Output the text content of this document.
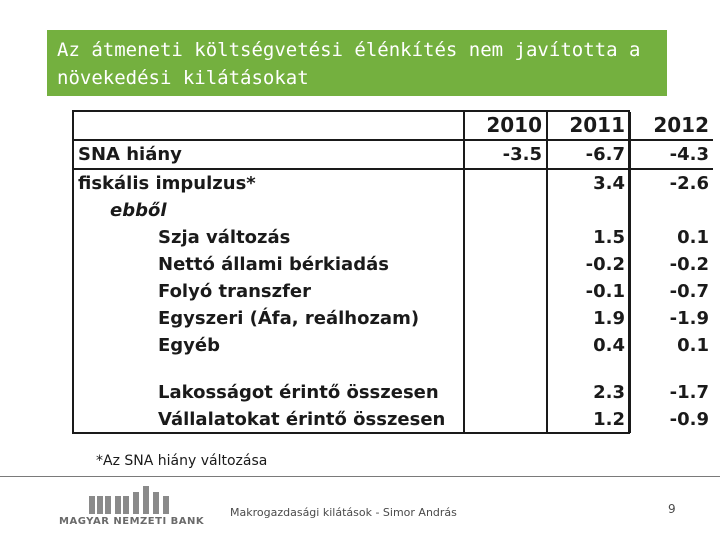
Az átmeneti költségvetési élénkítés nem javította a
növekedési kilátásokat
	2010	2011	2012
SNA hiány	-3.5	-6.7	-4.3
fiskális impulzus*		3.4	-2.6
ebből			
Szja változás		1.5	0.1
Nettó állami bérkiadás		-0.2	-0.2
Folyó transzfer		-0.1	-0.7
Egyszeri (Áfa, reálhozam)		1.9	-1.9
Egyéb		0.4	0.1

Lakosságot érintő összesen		2.3	-1.7
Vállalatokat érintő összesen		1.2	-0.9
*Az SNA hiány változása
MAGYAR NEMZETI BANK
Makrogazdasági kilátások - Simor András	9
